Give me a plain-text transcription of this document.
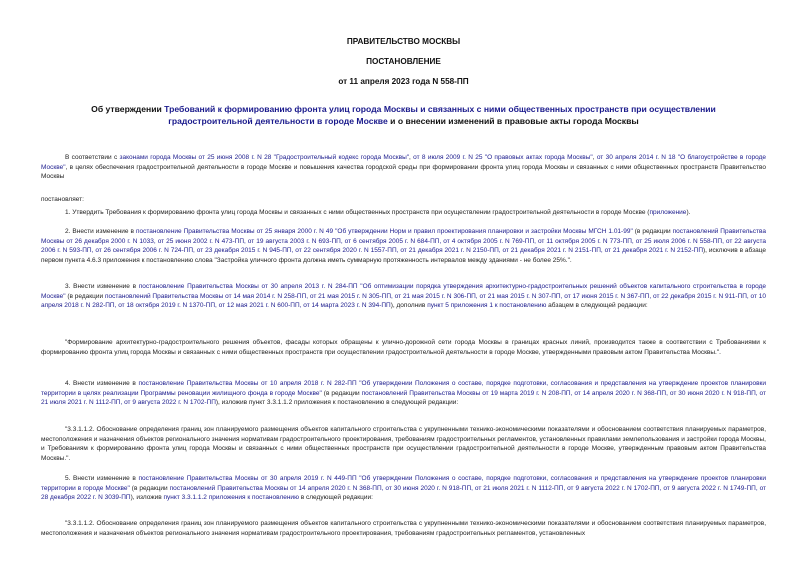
ПРАВИТЕЛЬСТВО МОСКВЫ
ПОСТАНОВЛЕНИЕ
от 11 апреля 2023 года N 558-ПП
Об утверждении Требований к формированию фронта улиц города Москвы и связанных с ними общественных пространств при осуществлении градостроительной деятельности в городе Москве и о внесении изменений в правовые акты города Москвы

В соответствии с законами города Москвы от 25 июня 2008 г. N 28 "Градостроительный кодекс города Москвы", от 8 июля 2009 г. N 25 "О правовых актах города Москвы", от 30 апреля 2014 г. N 18 "О благоустройстве в городе Москве", в целях обеспечения градостроительной деятельности в городе Москве и повышения качества городской среды при формировании фронта улиц города Москвы и связанных с ними общественных пространств Правительство Москвы

постановляет:

1. Утвердить Требования к формированию фронта улиц города Москвы и связанных с ними общественных пространств при осуществлении градостроительной деятельности в городе Москве (приложение).

2. Внести изменение в постановление Правительства Москвы от 25 января 2000 г. N 49 "Об утверждении Норм и правил проектирования планировки и застройки Москвы МГСН 1.01-99" (в редакции постановлений Правительства Москвы от 26 декабря 2000 г. N 1033, от 25 июня 2002 г. N 473-ПП, от 19 августа 2003 г. N 693-ПП, от 6 сентября 2005 г. N 684-ПП, от 4 октября 2005 г. N 769-ПП, от 11 октября 2005 г. N 773-ПП, от 25 июля 2006 г. N 558-ПП, от 22 августа 2006 г. N 593-ПП, от 26 сентября 2006 г. N 724-ПП, от 23 декабря 2015 г. N 945-ПП, от 22 сентября 2020 г. N 1557-ПП, от 21 декабря 2021 г. N 2150-ПП, от 21 декабря 2021 г. N 2151-ПП, от 21 декабря 2021 г. N 2152-ПП), исключив в абзаце первом пункта 4.6.3 приложения к постановлению слова "Застройка уличного фронта должна иметь суммарную протяженность интервалов между зданиями - не более 25%.".

3. Внести изменение в постановление Правительства Москвы от 30 апреля 2013 г. N 284-ПП "Об оптимизации порядка утверждения архитектурно-градостроительных решений объектов капитального строительства в городе Москве" (в редакции постановлений Правительства Москвы от 14 мая 2014 г. N 258-ПП, от 21 мая 2015 г. N 305-ПП, от 21 мая 2015 г. N 306-ПП, от 21 мая 2015 г. N 307-ПП, от 17 июня 2015 г. N 367-ПП, от 22 декабря 2015 г. N 911-ПП, от 10 апреля 2018 г. N 282-ПП, от 18 октября 2019 г. N 1370-ПП, от 12 мая 2021 г. N 600-ПП, от 14 марта 2023 г. N 394-ПП), дополнив пункт 5 приложения 1 к постановлению абзацем в следующей редакции:

"Формирование архитектурно-градостроительного решения объектов, фасады которых обращены к улично-дорожной сети города Москвы в границах красных линий, производится также в соответствии с Требованиями к формированию фронта улиц города Москвы и связанных с ними общественных пространств при осуществлении градостроительной деятельности в городе Москве, утвержденными правовым актом Правительства Москвы.".

4. Внести изменение в постановление Правительства Москвы от 10 апреля 2018 г. N 282-ПП "Об утверждении Положения о составе, порядке подготовки, согласования и представления на утверждение проектов планировки территории в целях реализации Программы реновации жилищного фонда в городе Москве" (в редакции постановлений Правительства Москвы от 19 марта 2019 г. N 208-ПП, от 14 апреля 2020 г. N 368-ПП, от 30 июня 2020 г. N 918-ПП, от 21 июля 2021 г. N 1112-ПП, от 9 августа 2022 г. N 1702-ПП), изложив пункт 3.3.1.1.2 приложения к постановлению в следующей редакции:

"3.3.1.1.2. Обоснование определения границ зон планируемого размещения объектов капитального строительства с укрупненными технико-экономическими показателями и обоснованием соответствия планируемых параметров, местоположения и назначения объектов регионального значения нормативам градостроительного проектирования, требованиям градостроительных регламентов, установленных правилами землепользования и застройки города Москвы, и Требованиям к формированию фронта улиц города Москвы и связанных с ними общественных пространств при осуществлении градостроительной деятельности в городе Москве, утвержденным правовым актом Правительства Москвы.".

5. Внести изменение в постановление Правительства Москвы от 30 апреля 2019 г. N 449-ПП "Об утверждении Положения о составе, порядке подготовки, согласования и представления на утверждение проектов планировки территории в городе Москве" (в редакции постановлений Правительства Москвы от 14 апреля 2020 г. N 368-ПП, от 30 июня 2020 г. N 918-ПП, от 21 июля 2021 г. N 1112-ПП, от 9 августа 2022 г. N 1702-ПП, от 9 августа 2022 г. N 1749-ПП, от 28 декабря 2022 г. N 3039-ПП), изложив пункт 3.3.1.1.2 приложения к постановлению в следующей редакции:

"3.3.1.1.2. Обоснование определения границ зон планируемого размещения объектов капитального строительства с укрупненными технико-экономическими показателями и обоснованием соответствия планируемых параметров, местоположения и назначения объектов регионального значения нормативам градостроительного проектирования, требованиям градостроительных регламентов, установленных
